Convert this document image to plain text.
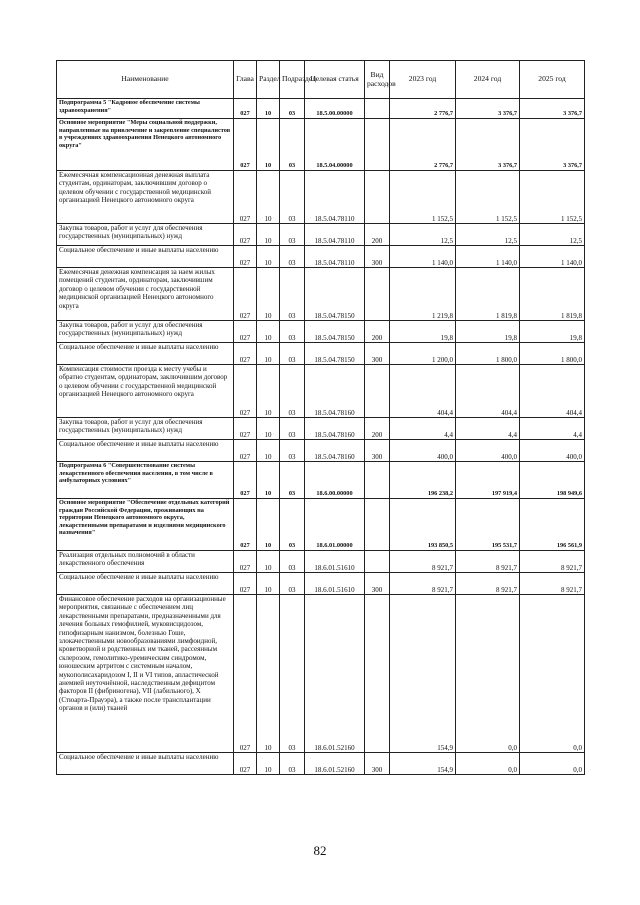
Наименование	Глава	Раздел	Подраздел	Целевая статья	Вид расходов	2023 год	2024 год	2025 год
Подпрограмма 5 "Кадровое обеспечение системы здравоохранения"	027	10	03	18.5.00.00000		2 776,7	3 376,7	3 376,7
Основное мероприятие "Меры социальной поддержки, направленные на привлечение и закрепление специалистов в учреждениях здравоохранения Ненецкого автономного округа"	027	10	03	18.5.04.00000		2 776,7	3 376,7	3 376,7
Ежемесячная компенсационная денежная выплата студентам, ординаторам, заключившим договор о целевом обучении с государственной медицинской организацией Ненецкого автономного округа	027	10	03	18.5.04.78110		1 152,5	1 152,5	1 152,5
Закупка товаров, работ и услуг для обеспечения государственных (муниципальных) нужд	027	10	03	18.5.04.78110	200	12,5	12,5	12,5
Социальное обеспечение и иные выплаты населению	027	10	03	18.5.04.78110	300	1 140,0	1 140,0	1 140,0
Ежемесячная денежная компенсация за наем жилых помещений студентам, ординаторам, заключившим договор о целевом обучении с государственной медицинской организацией Ненецкого автономного округа	027	10	03	18.5.04.78150		1 219,8	1 819,8	1 819,8
Закупка товаров, работ и услуг для обеспечения государственных (муниципальных) нужд	027	10	03	18.5.04.78150	200	19,8	19,8	19,8
Социальное обеспечение и иные выплаты населению	027	10	03	18.5.04.78150	300	1 200,0	1 800,0	1 800,0
Компенсация стоимости проезда к месту учебы и обратно студентам, ординаторам, заключившим договор о целевом обучении с государственной медицинской организацией Ненецкого автономного округа	027	10	03	18.5.04.78160		404,4	404,4	404,4
Закупка товаров, работ и услуг для обеспечения государственных (муниципальных) нужд	027	10	03	18.5.04.78160	200	4,4	4,4	4,4
Социальное обеспечение и иные выплаты населению	027	10	03	18.5.04.78160	300	400,0	400,0	400,0
Подпрограмма 6 "Совершенствование системы лекарственного обеспечения населения, в том числе в амбулаторных условиях"	027	10	03	18.6.00.00000		196 238,2	197 919,4	198 949,6
Основное мероприятие "Обеспечение отдельных категорий граждан Российской Федерации, проживающих на территории Ненецкого автономного округа, лекарственными препаратами и изделиями медицинского назначения"	027	10	03	18.6.01.00000		193 850,5	195 531,7	196 561,9
Реализация отдельных полномочий в области лекарственного обеспечения	027	10	03	18.6.01.51610		8 921,7	8 921,7	8 921,7
Социальное обеспечение и иные выплаты населению	027	10	03	18.6.01.51610	300	8 921,7	8 921,7	8 921,7
Финансовое обеспечение расходов на организационные мероприятия, связанные с обеспечением лиц лекарственными препаратами, предназначенными для лечения больных гемофилией, муковисцидозом, гипофизарным нанизмом, болезнью Гоше, злокачественными новообразованиями лимфоидной, кроветворной и родственных им тканей, рассеянным склерозом, гемолитико-уремическим синдромом, юношеским артритом с системным началом, мукополисахаридозом I, II и VI типов, апластической анемией неуточнённой, наследственным дефицитом факторов II (фибриногена), VII (лабильного), X (Стюарта-Прауэра), а также после трансплантации органов и (или) тканей	027	10	03	18.6.01.52160		154,9	0,0	0,0
Социальное обеспечение и иные выплаты населению	027	10	03	18.6.01.52160	300	154,9	0,0	0,0
82
